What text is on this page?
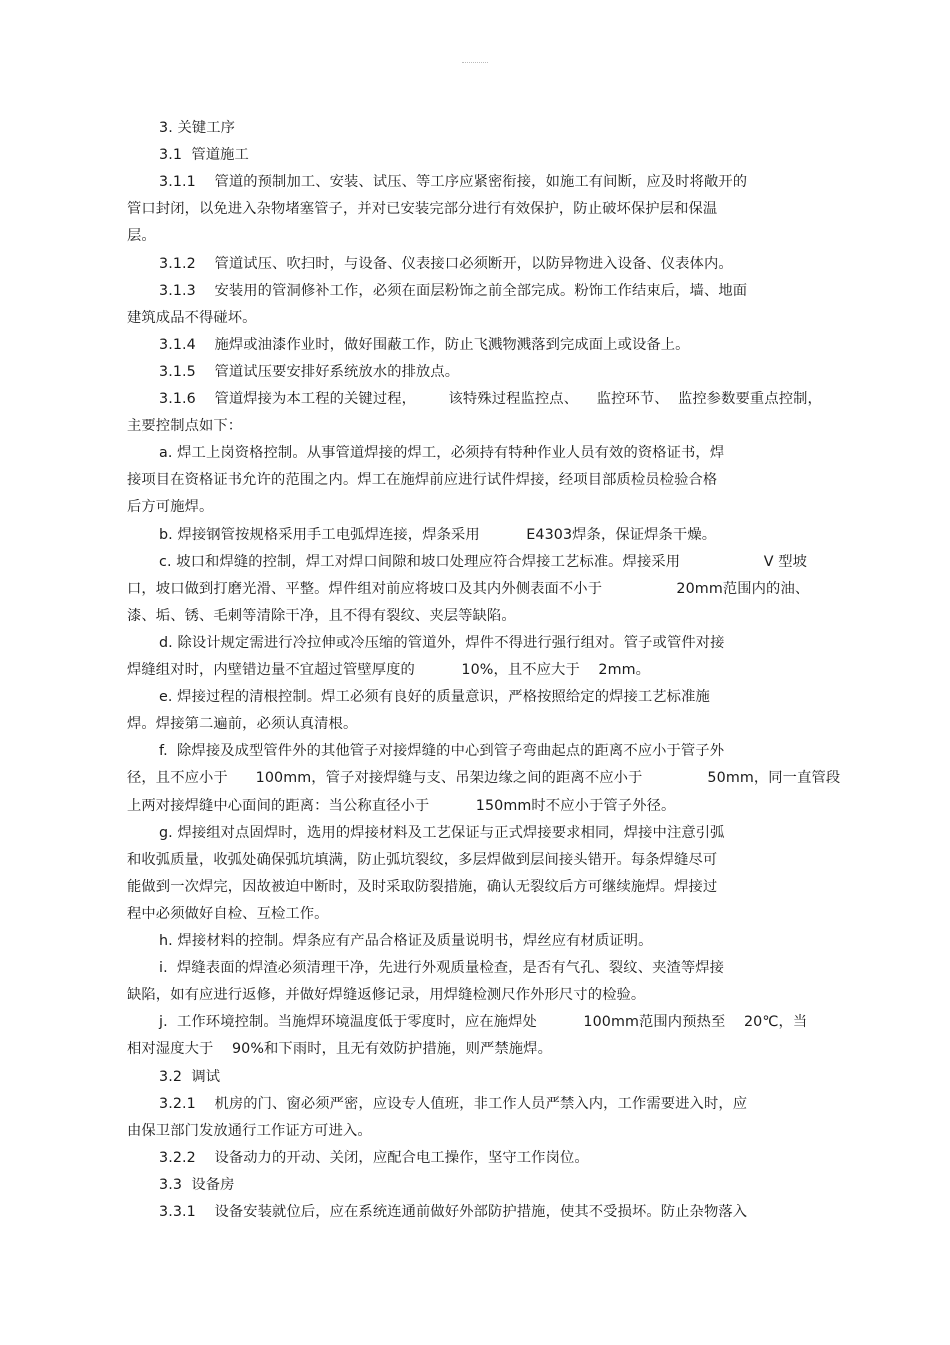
3. 关键工序
3.1  管道施工
3.1.1    管道的预制加工、安装、试压、等工序应紧密衔接，如施工有间断，应及时将敞开的
管口封闭，以免进入杂物堵塞管子，并对已安装完部分进行有效保护，防止破坏保护层和保温
层。
3.1.2    管道试压、吹扫时，与设备、仪表接口必须断开，以防异物进入设备、仪表体内。
3.1.3    安装用的管洞修补工作，必须在面层粉饰之前全部完成。粉饰工作结束后，墙、地面
建筑成品不得碰坏。
3.1.4    施焊或油漆作业时，做好围蔽工作，防止飞溅物溅落到完成面上或设备上。
3.1.5    管道试压要安排好系统放水的排放点。
3.1.6    管道焊接为本工程的关键过程，       该特殊过程监控点、    监控环节、  监控参数要重点控制，
主要控制点如下：
a. 焊工上岗资格控制。从事管道焊接的焊工，必须持有特种作业人员有效的资格证书，焊
接项目在资格证书允许的范围之内。焊工在施焊前应进行试件焊接，经项目部质检员检验合格
后方可施焊。
b. 焊接钢管按规格采用手工电弧焊连接，焊条采用          E4303焊条，保证焊条干燥。
c. 坡口和焊缝的控制，焊工对焊口间隙和坡口处理应符合焊接工艺标准。焊接采用                  V 型坡
口，坡口做到打磨光滑、平整。焊件组对前应将坡口及其内外侧表面不小于                20mm范围内的油、
漆、垢、锈、毛刺等清除干净，且不得有裂纹、夹层等缺陷。
d. 除设计规定需进行冷拉伸或冷压缩的管道外，焊件不得进行强行组对。管子或管件对接
焊缝组对时，内壁错边量不宜超过管壁厚度的          10%，且不应大于    2mm。
e. 焊接过程的清根控制。焊工必须有良好的质量意识，严格按照给定的焊接工艺标准施
焊。焊接第二遍前，必须认真清根。
f.  除焊接及成型管件外的其他管子对接焊缝的中心到管子弯曲起点的距离不应小于管子外
径，且不应小于      100mm，管子对接焊缝与支、吊架边缘之间的距离不应小于              50mm，同一直管段
上两对接焊缝中心面间的距离：当公称直径小于          150mm时不应小于管子外径。
g. 焊接组对点固焊时，选用的焊接材料及工艺保证与正式焊接要求相同，焊接中注意引弧
和收弧质量，收弧处确保弧坑填满，防止弧坑裂纹，多层焊做到层间接头错开。每条焊缝尽可
能做到一次焊完，因故被迫中断时，及时采取防裂措施，确认无裂纹后方可继续施焊。焊接过
程中必须做好自检、互检工作。
h. 焊接材料的控制。焊条应有产品合格证及质量说明书，焊丝应有材质证明。
i.  焊缝表面的焊渣必须清理干净，先进行外观质量检查，是否有气孔、裂纹、夹渣等焊接
缺陷，如有应进行返修，并做好焊缝返修记录，用焊缝检测尺作外形尺寸的检验。
j.  工作环境控制。当施焊环境温度低于零度时，应在施焊处          100mm范围内预热至    20℃，当
相对湿度大于    90%和下雨时，且无有效防护措施，则严禁施焊。
3.2  调试
3.2.1    机房的门、窗必须严密，应设专人值班，非工作人员严禁入内，工作需要进入时，应
由保卫部门发放通行工作证方可进入。
3.2.2    设备动力的开动、关闭，应配合电工操作，坚守工作岗位。
3.3  设备房
3.3.1    设备安装就位后，应在系统连通前做好外部防护措施，使其不受损坏。防止杂物落入
